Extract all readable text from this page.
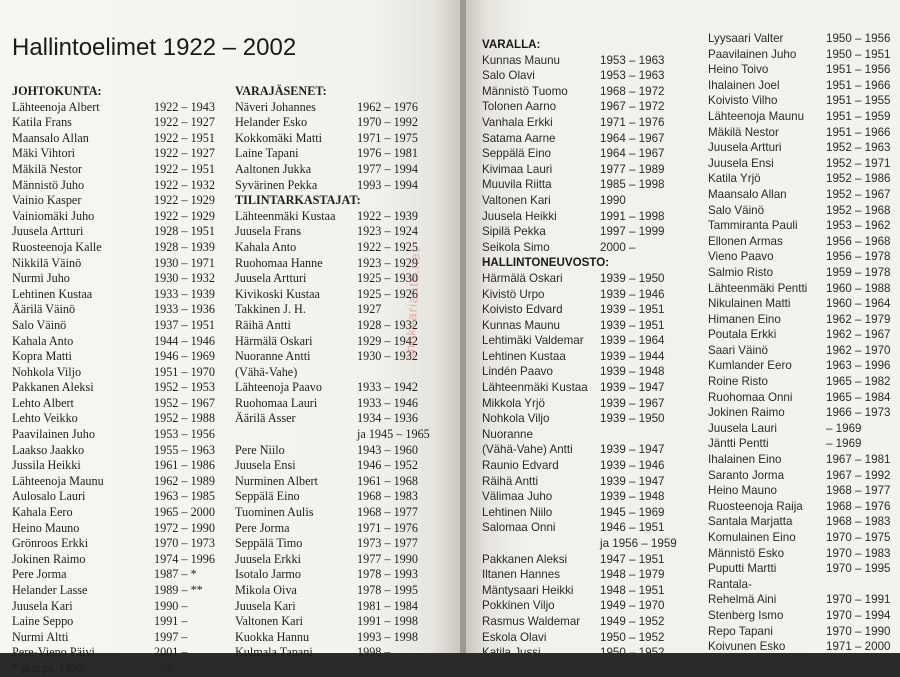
Hallintoelimet 1922 – 2002
JOHTOKUNTA:
Lähteenoja Albert	1922 – 1943
Katila Frans	1922 – 1927
Maansalo Allan	1922 – 1951
Mäki Vihtori	1922 – 1927
Mäkilä Nestor	1922 – 1951
Männistö Juho	1922 – 1932
Vainio Kasper	1922 – 1929
Vainiomäki Juho	1922 – 1929
Juusela Artturi	1928 – 1951
Ruosteenoja Kalle	1928 – 1939
Nikkilä Väinö	1930 – 1971
Nurmi Juho	1930 – 1932
Lehtinen Kustaa	1933 – 1939
Äärilä Väinö	1933 – 1936
Salo Väinö	1937 – 1951
Kahala Anto	1944 – 1946
Kopra Matti	1946 – 1969
Nohkola Viljo	1951 – 1970
Pakkanen Aleksi	1952 – 1953
Lehto Albert	1952 – 1967
Lehto Veikko	1952 – 1988
Paavilainen Juho	1953 – 1956
Laakso Jaakko	1955 – 1963
Jussila Heikki	1961 – 1986
Lähteenoja Maunu	1962 – 1989
Aulosalo Lauri	1963 – 1985
Kahala Eero	1965 – 2000
Heino Mauno	1972 – 1990
Grönroos Erkki	1970 – 1973
Jokinen Raimo	1974 – 1996
Pere Jorma	1987 – *
Helander Lasse	1989 – **
Juusela Kari	1990 –
Laine Seppo	1991 –
Nurmi Altti	1997 –
Pere-Vieno Päivi	2001 –
* jk:n pj. 1990	—>
VARAJÄSENET:
Näveri Johannes	1962 – 1976
Helander Esko	1970 – 1992
Kokkomäki Matti	1971 – 1975
Laine Tapani	1976 – 1981
Aaltonen Jukka	1977 – 1994
Syvärinen Pekka	1993 – 1994
TILINTARKASTAJAT:
Lähteenmäki Kustaa 1922 – 1939
Juusela Frans	1923 – 1924
Kahala Anto	1922 – 1925
Ruohomaa Hanne	1923 – 1929
Juusela Artturi	1925 – 1930
Kivikoski Kustaa	1925 – 1926
Takkinen J. H.	1927
Räihä Antti	1928 – 1932
Härmälä Oskari	1929 – 1942
Nuoranne Antti	1930 – 1932
(Vähä-Vahe)
Lähteenoja Paavo	1933 – 1942
Ruohomaa Lauri	1933 – 1946
Äärilä Asser	1934 – 1936
ja 1945 – 1965
Pere Niilo	1943 – 1960
Juusela Ensi	1946 – 1952
Nurminen Albert	1961 – 1968
Seppälä Eino	1968 – 1983
Tuominen Aulis	1968 – 1977
Pere Jorma	1971 – 1976
Seppälä Timo	1973 – 1977
Juusela Erkki	1977 – 1990
Isotalo Jarmo	1978 – 1993
Mikola Oiva	1978 – 1995
Juusela Kari	1981 – 1984
Valtonen Kari	1991 – 1998
Kuokka Hannu	1993 – 1998
Kulmala Tapani	1998 –
VARALLA:
Kunnas Maunu	1953 – 1963
Salo Olavi	1953 – 1963
Männistö Tuomo	1968 – 1972
Tolonen Aarno	1967 – 1972
Vanhala Erkki	1971 – 1976
Satama Aarne	1964 – 1967
Seppälä Eino	1964 – 1967
Kivimaa Lauri	1977 – 1989
Muuvila Riitta	1985 – 1998
Valtonen Kari	1990
Juusela Heikki	1991 – 1998
Sipilä Pekka	1997 – 1999
Seikola Simo	2000 –
HALLINTONEUVOSTO:
Härmälä Oskari	1939 – 1950
Kivistö Urpo	1939 – 1946
Koivisto Edvard	1939 – 1951
Kunnas Maunu	1939 – 1951
Lehtimäki Valdemar 1939 – 1964
Lehtinen Kustaa	1939 – 1944
Lindén Paavo	1939 – 1948
Lähteenmäki Kustaa 1939 – 1947
Mikkola Yrjö	1939 – 1967
Nohkola Viljo	1939 – 1950
Nuoranne
(Vähä-Vahe) Antti 1939 – 1947
Raunio Edvard	1939 – 1946
Räihä Antti	1939 – 1947
Välimaa Juho	1939 – 1948
Lehtinen Niilo	1945 – 1969
Salomaa Onni	1946 – 1951
ja 1956 – 1959
Pakkanen Aleksi	1947 – 1951
Iltanen Hannes	1948 – 1979
Mäntysaari Heikki 1948 – 1951
Pokkinen Viljo	1949 – 1970
Rasmus Waldemar 1949 – 1952
Eskola Olavi	1950 – 1952
Katila Jussi	1950 – 1952
Lehtojoki Eino	1950 – 1959
Lyysaari Valter	1950 – 1956
Paavilainen Juho	1950 – 1951
Heino Toivo	1951 – 1956
Ihalainen Joel	1951 – 1966
Koivisto Vilho	1951 – 1955
Lähteenoja Maunu 1951 – 1959
Mäkilä Nestor	1951 – 1966
Juusela Artturi	1952 – 1963
Juusela Ensi	1952 – 1971
Katila Yrjö	1952 – 1986
Maansalo Allan	1952 – 1967
Salo Väinö	1952 – 1968
Tammiranta Pauli 1953 – 1962
Ellonen Armas	1956 – 1968
Vieno Paavo	1956 – 1978
Salmio Risto	1959 – 1978
Lähteenmäki Pentti 1960 – 1988
Nikulainen Matti	1960 – 1964
Himanen Eino	1962 – 1979
Poutala Erkki	1962 – 1967
Saari Väinö	1962 – 1970
Kumlander Eero	1963 – 1996
Roine Risto	1965 – 1982
Ruohomaa Onni	1965 – 1984
Jokinen Raimo	1966 – 1973
Juusela Lauri	– 1969
Jäntti Pentti	– 1969
Ihalainen Eino	1967 – 1981
Saranto Jorma	1967 – 1992
Heino Mauno	1968 – 1977
Ruosteenoja Raija 1968 – 1976
Santala Marjatta	1968 – 1983
Komulainen Eino	1970 – 1975
Männistö Esko	1970 – 1983
Puputti Martti	1970 – 1995
Rantala-
Rehelmä Aini	1970 – 1991
Stenberg Ismo	1970 – 1994
Repo Tapani	1970 – 1990
Koivunen Esko	1971 – 2000
Kukko Tuomo	1971 –
antikvariaatti.net
